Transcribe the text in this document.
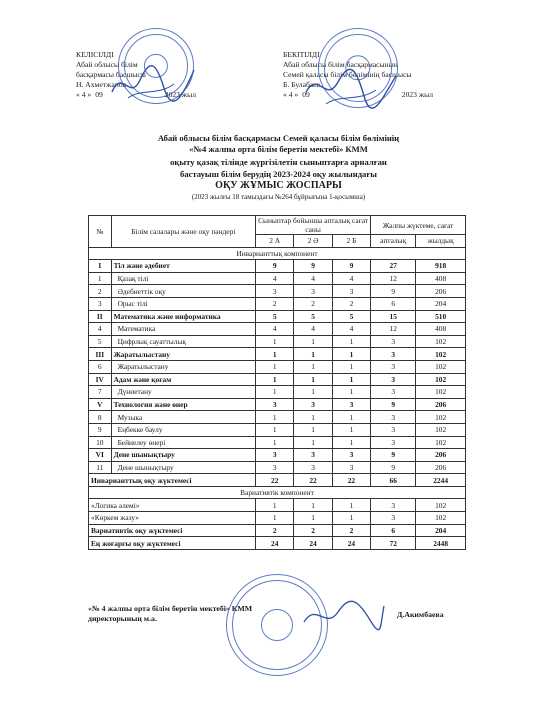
КЕЛІСІЛДІ
Абай облысы білім
басқармасы басшысы
Н. Ахметжанов
« 4 » 09	2023 жыл
БЕКІТІЛДІ
Абай облысы білім басқармасының
Семей қаласы білім бөлімінің басшысы
Б. Булабаев
« 4 » 09	2023 жыл
Абай облысы білім басқармасы Семей қаласы білім бөлімінің
«№4 жалпы орта білім беретін мектебі» КММ
оқыту қазақ тілінде жүргізілетін сыныптарға арналған
бастауыш білім берудің 2023-2024 оқу жылындағы
ОҚУ ЖҰМЫС ЖОСПАРЫ
(2023 жылғы 18 тамыздағы №264 бұйрығына 1-қосымша)
№	Білім салалары және оқу пәндері	Сыныптар бойынша апталық сағат саны			Жалпы жүктеме, сағат	
		2 А	2 Ә	2 Б	апталық	жылдық
Инварианттық компонент						
I	Тіл және әдебиет	9	9	9	27	918
1	Қазақ тілі	4	4	4	12	408
2	Әдебиеттік оқу	3	3	3	9	206
3	Орыс тілі	2	2	2	6	204
II	Математика және информатика	5	5	5	15	510
4	Математика	4	4	4	12	408
5	Цифрлық сауаттылық	1	1	1	3	102
III	Жаратылыстану	1	1	1	3	102
6	Жаратылыстану	1	1	1	3	102
IV	Адам және қоғам	1	1	1	3	102
7	Дүниетану	1	1	1	3	102
V	Технология және өнер	3	3	3	9	206
8	Музыка	1	1	1	3	102
9	Еңбекке баулу	1	1	1	3	102
10	Бейнелеу өнері	1	1	1	3	102
VI	Дене шынықтыру	3	3	3	9	206
11	Дене шынықтыру	3	3	3	9	206
Инварианттық оқу жүктемесі		22	22	22	66	2244
Вариативтік компонент						
«Логика әлемі»		1	1	1	3	102
«Көркем жазу»		1	1	1	3	102
Вариативтік оқу жүктемесі		2	2	2	6	204
Ең жоғарғы оқу жүктемесі		24	24	24	72	2448
«№ 4 жалпы орта білім беретін мектебі» КММ
директорының м.а.	Д.Акимбаева
